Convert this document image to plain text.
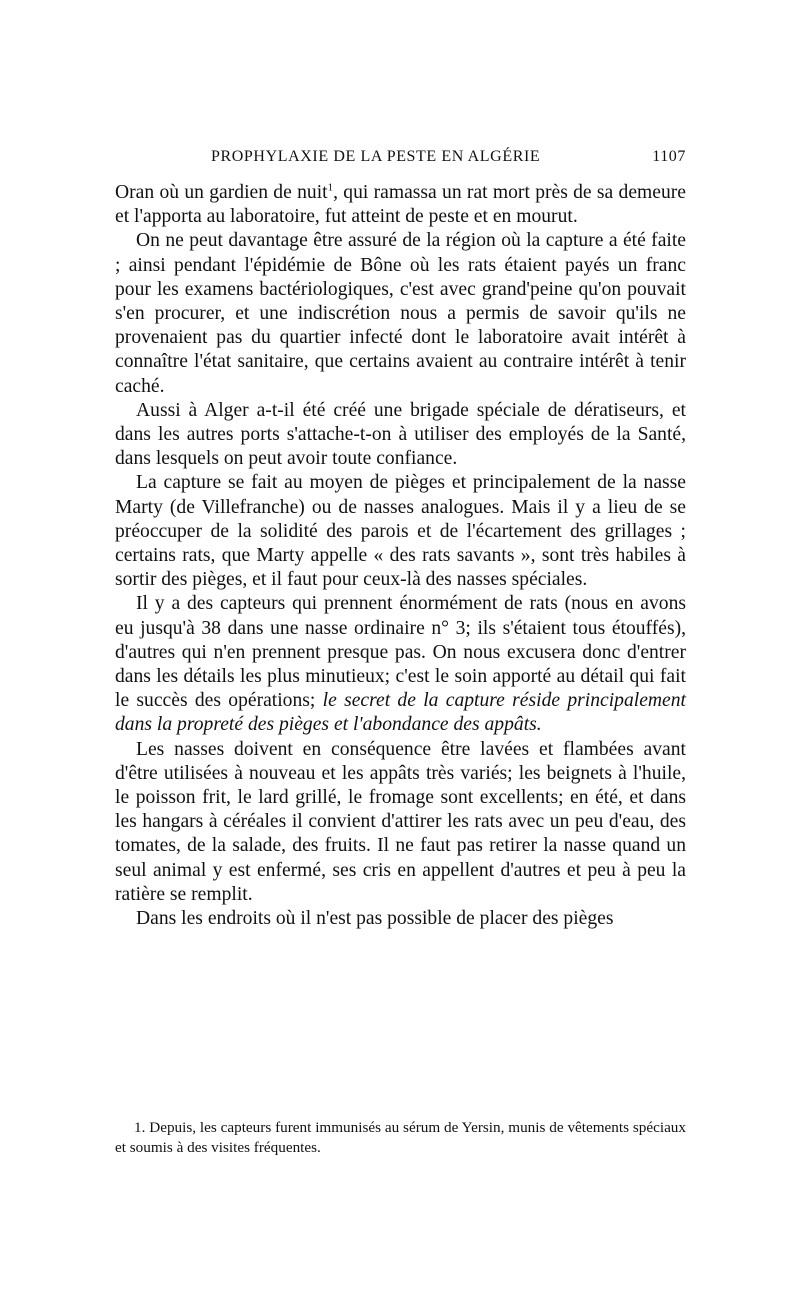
PROPHYLAXIE DE LA PESTE EN ALGÉRIE	1107

Oran où un gardien de nuit$^1$, qui ramassa un rat mort près de sa demeure et l'apporta au laboratoire, fut atteint de peste et en mourut.

On ne peut davantage être assuré de la région où la capture a été faite ; ainsi pendant l'épidémie de Bône où les rats étaient payés un franc pour les examens bactériologiques, c'est avec grand'peine qu'on pouvait s'en procurer, et une indiscrétion nous a permis de savoir qu'ils ne provenaient pas du quartier infecté dont le laboratoire avait intérêt à connaître l'état sanitaire, que certains avaient au contraire intérêt à tenir caché.

Aussi à Alger a-t-il été créé une brigade spéciale de dératiseurs, et dans les autres ports s'attache-t-on à utiliser des employés de la Santé, dans lesquels on peut avoir toute confiance.

La capture se fait au moyen de pièges et principalement de la nasse Marty (de Villefranche) ou de nasses analogues. Mais il y a lieu de se préoccuper de la solidité des parois et de l'écartement des grillages ; certains rats, que Marty appelle « des rats savants », sont très habiles à sortir des pièges, et il faut pour ceux-là des nasses spéciales.

Il y a des capteurs qui prennent énormément de rats (nous en avons eu jusqu'à 38 dans une nasse ordinaire n° 3; ils s'étaient tous étouffés), d'autres qui n'en prennent presque pas. On nous excusera donc d'entrer dans les détails les plus minutieux; c'est le soin apporté au détail qui fait le succès des opérations; le secret de la capture réside principalement dans la propreté des pièges et l'abondance des appâts.

Les nasses doivent en conséquence être lavées et flambées avant d'être utilisées à nouveau et les appâts très variés; les beignets à l'huile, le poisson frit, le lard grillé, le fromage sont excellents; en été, et dans les hangars à céréales il convient d'attirer les rats avec un peu d'eau, des tomates, de la salade, des fruits. Il ne faut pas retirer la nasse quand un seul animal y est enfermé, ses cris en appellent d'autres et peu à peu la ratière se remplit.

Dans les endroits où il n'est pas possible de placer des pièges

1. Depuis, les capteurs furent immunisés au sérum de Yersin, munis de vêtements spéciaux et soumis à des visites fréquentes.
